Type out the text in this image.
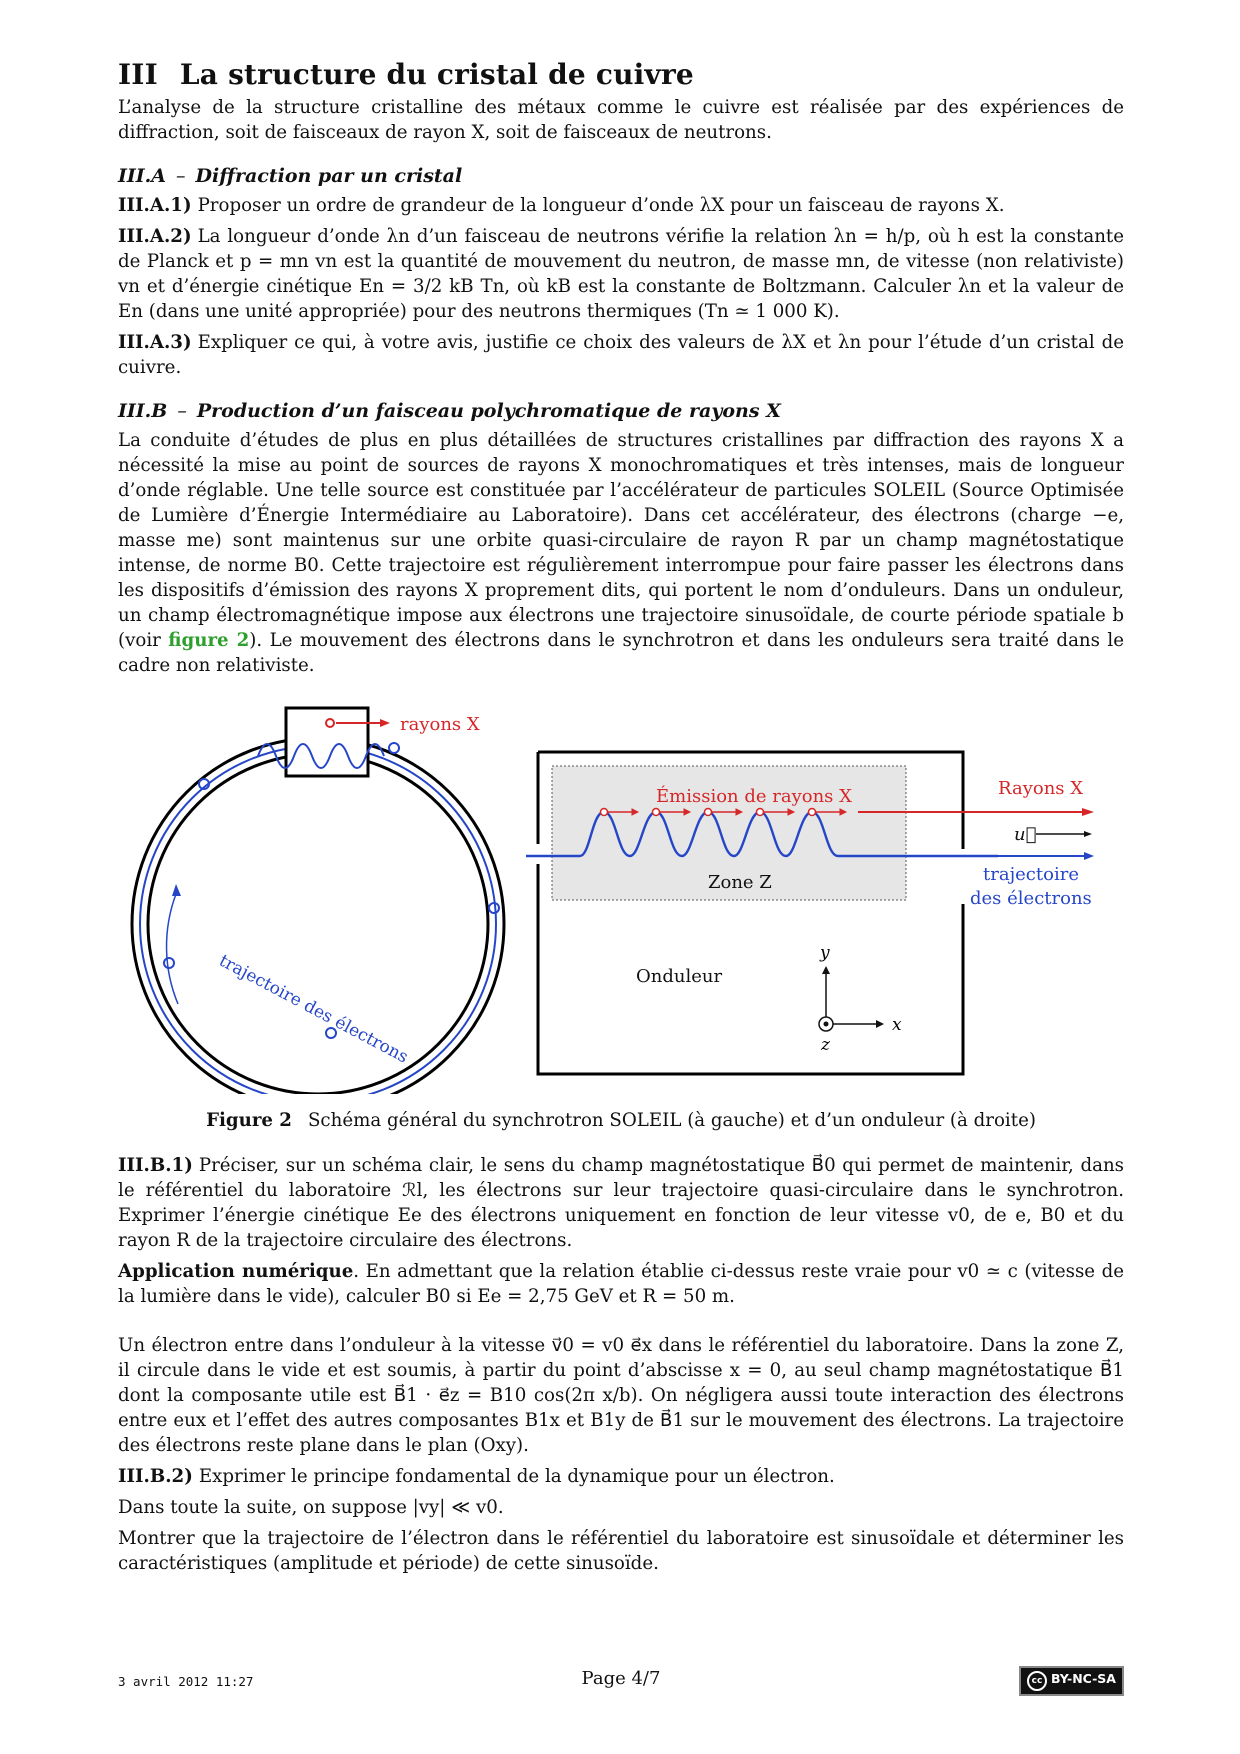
III La structure du cristal de cuivre

L’analyse de la structure cristalline des métaux comme le cuivre est réalisée par des expériences de diffraction, soit de faisceaux de rayon X, soit de faisceaux de neutrons.

III.A – Diffraction par un cristal

III.A.1) Proposer un ordre de grandeur de la longueur d’onde λX pour un faisceau de rayons X.

III.A.2) La longueur d’onde λn d’un faisceau de neutrons vérifie la relation λn = h/p, où h est la constante de Planck et p = mn vn est la quantité de mouvement du neutron, de masse mn, de vitesse (non relativiste) vn et d’énergie cinétique En = 3/2 kB Tn, où kB est la constante de Boltzmann. Calculer λn et la valeur de En (dans une unité appropriée) pour des neutrons thermiques (Tn ≃ 1 000 K).

III.A.3) Expliquer ce qui, à votre avis, justifie ce choix des valeurs de λX et λn pour l’étude d’un cristal de cuivre.

III.B – Production d’un faisceau polychromatique de rayons X

La conduite d’études de plus en plus détaillées de structures cristallines par diffraction des rayons X a nécessité la mise au point de sources de rayons X monochromatiques et très intenses, mais de longueur d’onde réglable. Une telle source est constituée par l’accélérateur de particules SOLEIL (Source Optimisée de Lumière d’Énergie Intermédiaire au Laboratoire). Dans cet accélérateur, des électrons (charge −e, masse me) sont maintenus sur une orbite quasi-circulaire de rayon R par un champ magnétostatique intense, de norme B0. Cette trajectoire est régulièrement interrompue pour faire passer les électrons dans les dispositifs d’émission des rayons X proprement dits, qui portent le nom d’onduleurs. Dans un onduleur, un champ électromagnétique impose aux électrons une trajectoire sinusoïdale, de courte période spatiale b (voir figure 2). Le mouvement des électrons dans le synchrotron et dans les onduleurs sera traité dans le cadre non relativiste.

rayons X
trajectoire des électrons
Émission de rayons X
Zone Z
Rayons X
u⃗
trajectoire
des électrons
Onduleur
y
x
z

Figure 2 Schéma général du synchrotron SOLEIL (à gauche) et d’un onduleur (à droite)

III.B.1) Préciser, sur un schéma clair, le sens du champ magnétostatique B⃗0 qui permet de maintenir, dans le référentiel du laboratoire ℛl, les électrons sur leur trajectoire quasi-circulaire dans le synchrotron. Exprimer l’énergie cinétique Ee des électrons uniquement en fonction de leur vitesse v0, de e, B0 et du rayon R de la trajectoire circulaire des électrons.

Application numérique. En admettant que la relation établie ci-dessus reste vraie pour v0 ≃ c (vitesse de la lumière dans le vide), calculer B0 si Ee = 2,75 GeV et R = 50 m.

Un électron entre dans l’onduleur à la vitesse v⃗0 = v0 e⃗x dans le référentiel du laboratoire. Dans la zone Z, il circule dans le vide et est soumis, à partir du point d’abscisse x = 0, au seul champ magnétostatique B⃗1 dont la composante utile est B⃗1 · e⃗z = B10 cos(2π x/b). On négligera aussi toute interaction des électrons entre eux et l’effet des autres composantes B1x et B1y de B⃗1 sur le mouvement des électrons. La trajectoire des électrons reste plane dans le plan (Oxy).

III.B.2) Exprimer le principe fondamental de la dynamique pour un électron.

Dans toute la suite, on suppose |vy| ≪ v0.

Montrer que la trajectoire de l’électron dans le référentiel du laboratoire est sinusoïdale et déterminer les caractéristiques (amplitude et période) de cette sinusoïde.

3 avril 2012 11:27	Page 4/7	cc BY-NC-SA
